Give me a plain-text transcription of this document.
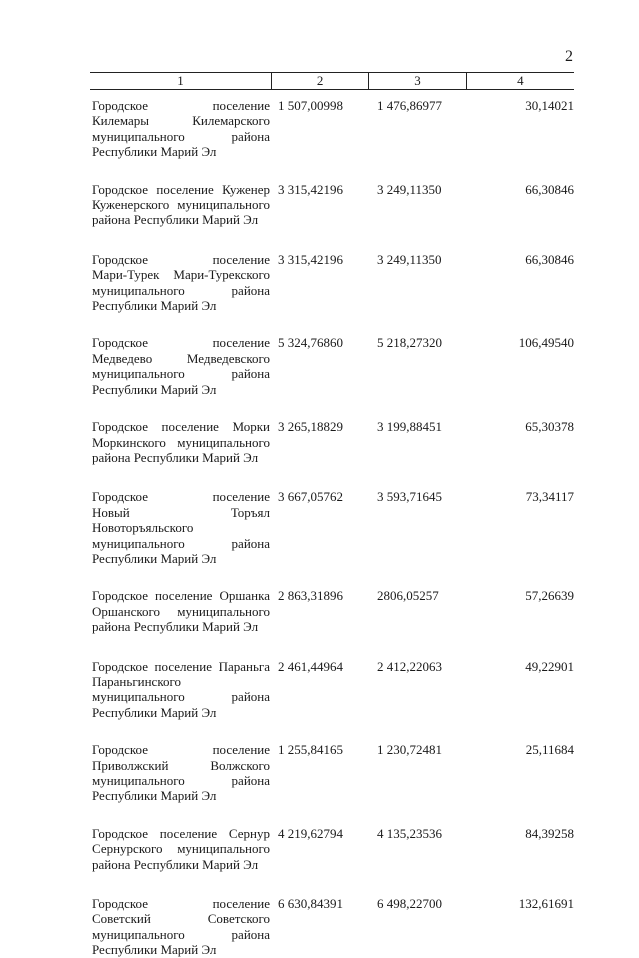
2
1	2	3	4
Городское поселение
Килемары Килемарского
муниципального района
Республики Марий Эл
1 507,00998	1 476,86977	30,14021
Городское поселение Куженер
Куженерского муниципального
района Республики Марий Эл
3 315,42196	3 249,11350	66,30846
Городское поселение
Мари-Турек Мари-Турекского
муниципального района
Республики Марий Эл
3 315,42196	3 249,11350	66,30846
Городское поселение
Медведево Медведевского
муниципального района
Республики Марий Эл
5 324,76860	5 218,27320	106,49540
Городское поселение Морки
Моркинского муниципального
района Республики Марий Эл
3 265,18829	3 199,88451	65,30378
Городское поселение
Новый Торъял
Новоторъяльского
муниципального района
Республики Марий Эл
3 667,05762	3 593,71645	73,34117
Городское поселение Оршанка
Оршанского муниципального
района Республики Марий Эл
2 863,31896	2806,05257	57,26639
Городское поселение Параньга
Параньгинского
муниципального района
Республики Марий Эл
2 461,44964	2 412,22063	49,22901
Городское поселение
Приволжский Волжского
муниципального района
Республики Марий Эл
1 255,84165	1 230,72481	25,11684
Городское поселение Сернур
Сернурского муниципального
района Республики Марий Эл
4 219,62794	4 135,23536	84,39258
Городское поселение
Советский Советского
муниципального района
Республики Марий Эл
6 630,84391	6 498,22700	132,61691
